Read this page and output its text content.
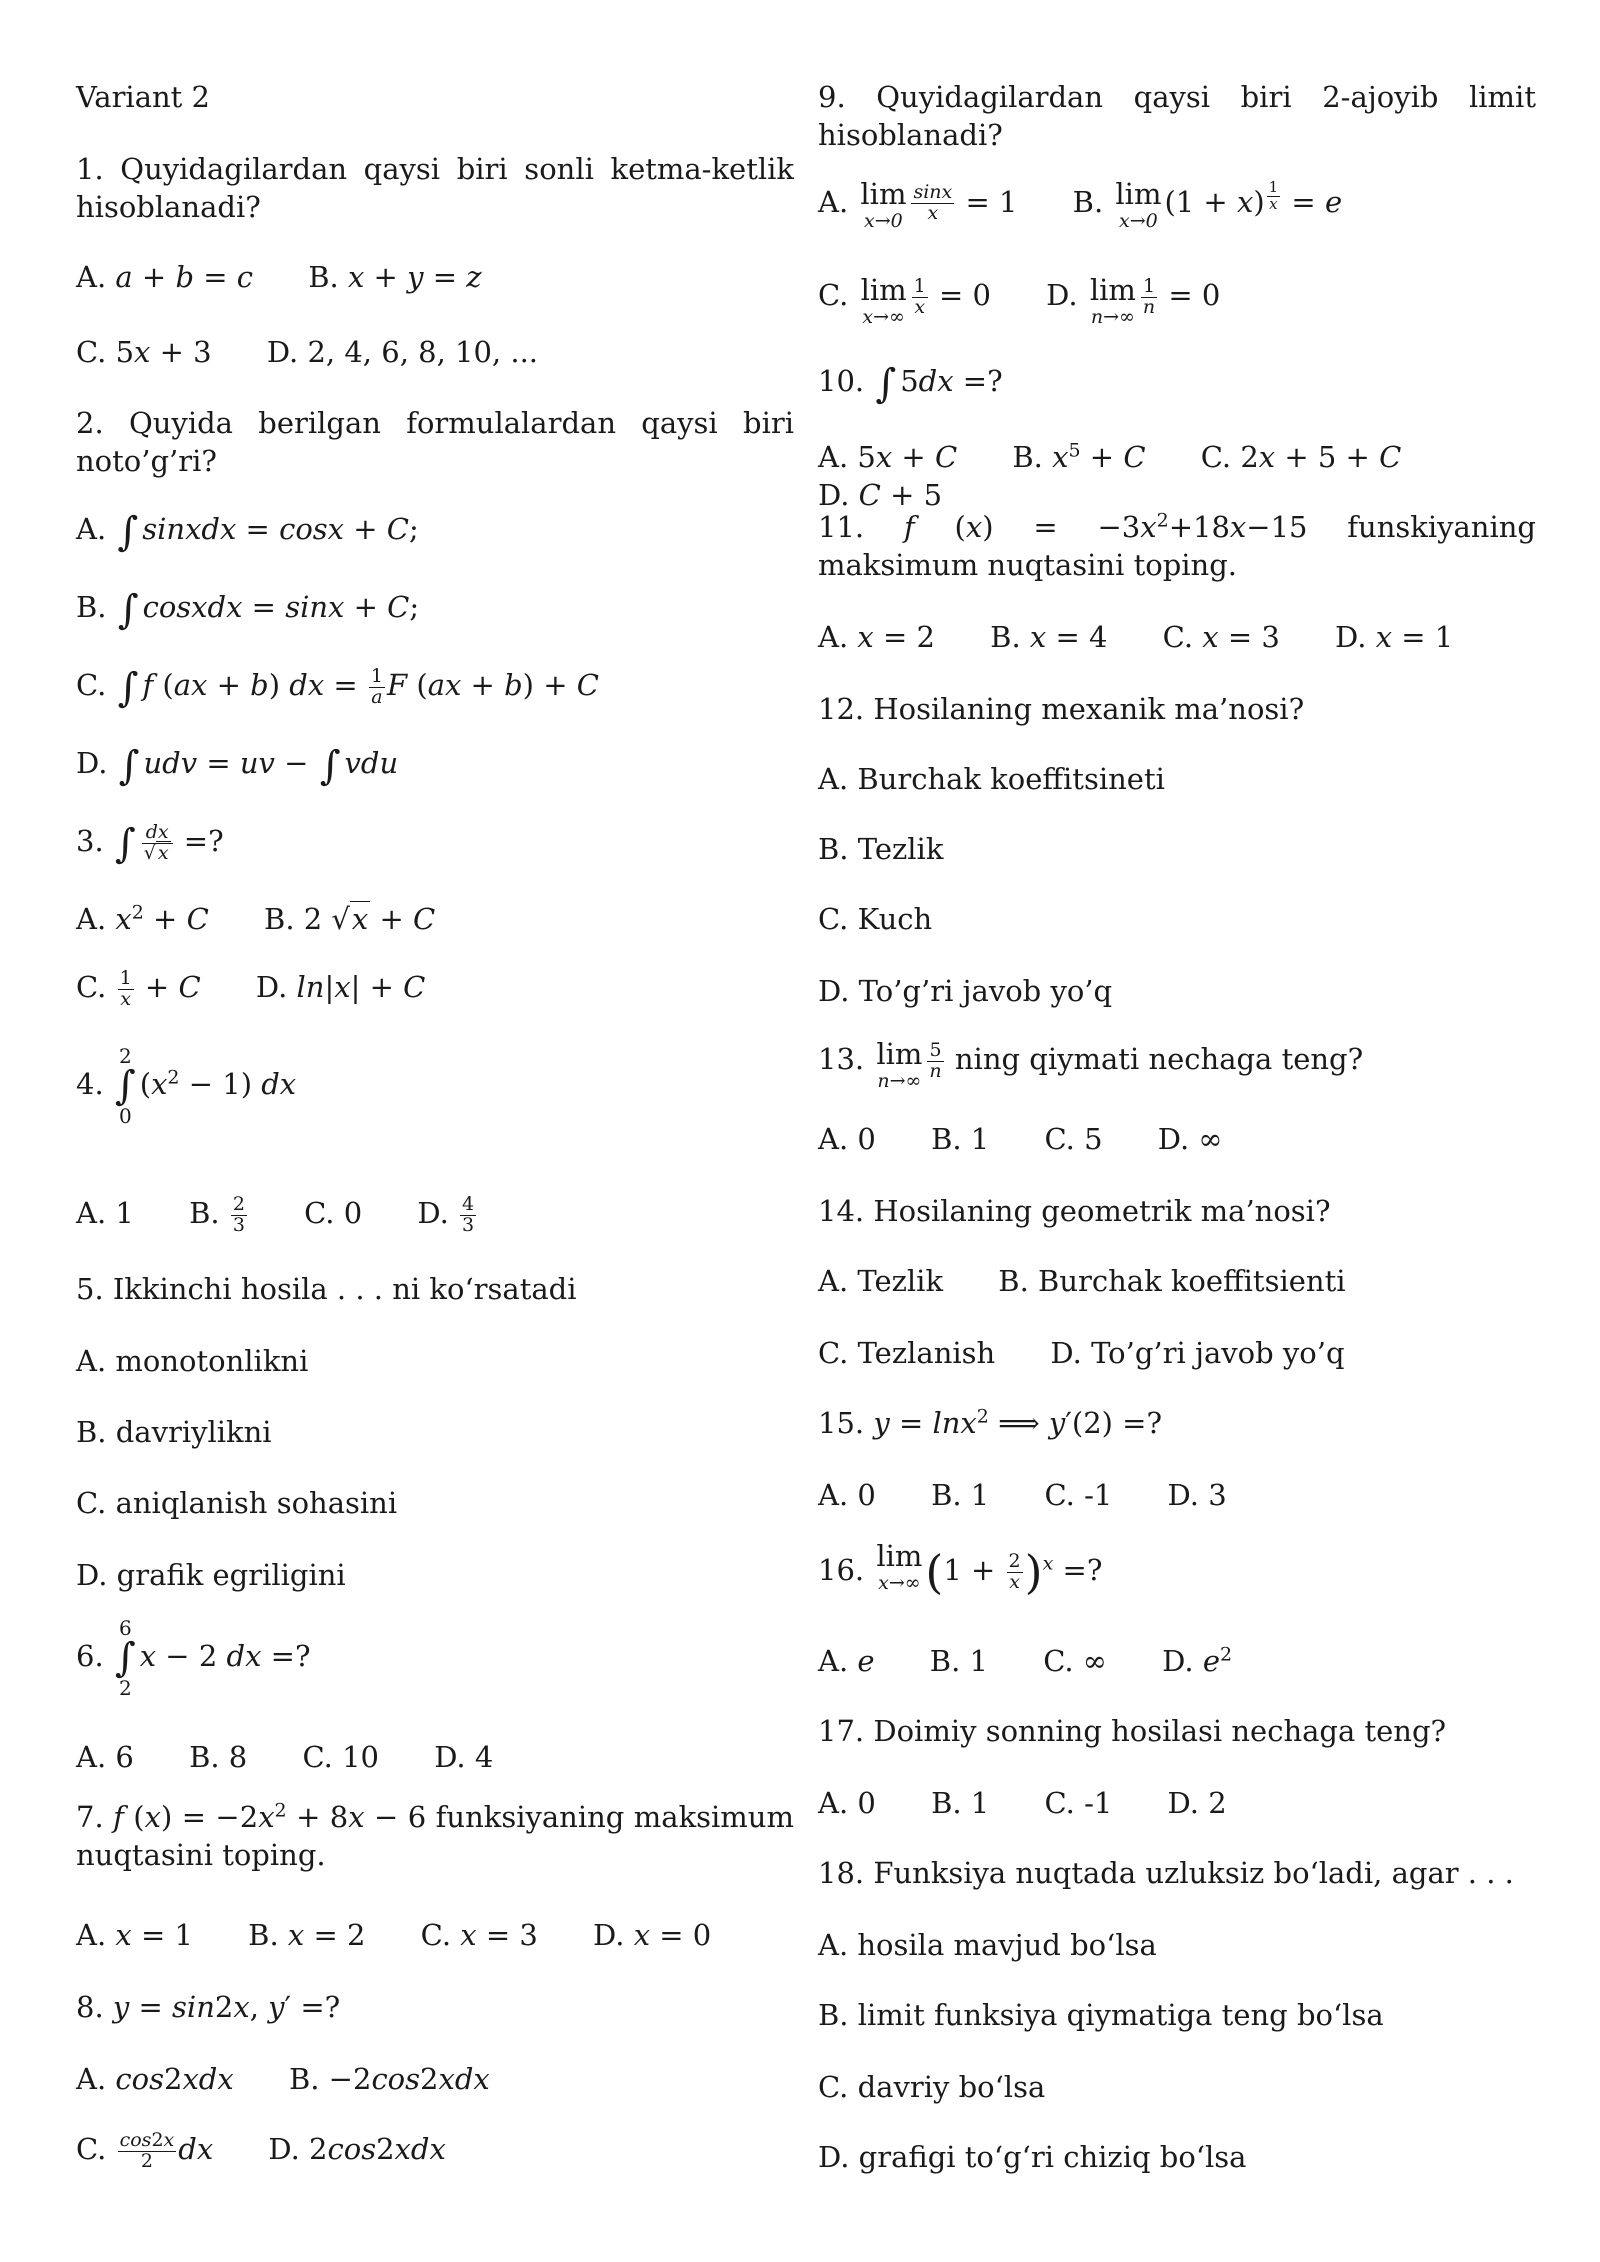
Variant 2
1. Quyidagilardan qaysi biri sonli ketma-ketlik hisoblanadi?
A. a + b = c B. x + y = z
C. 5x + 3 D. 2, 4, 6, 8, 10, ...
2. Quyida berilgan formulalardan qaysi biri noto’g’ri?
A. ∫ sinxdx = cosx + C;
B. ∫ cosxdx = sinx + C;
C. ∫ f (ax + b) dx = $\frac{1}{a}$ F (ax + b) + C
D. ∫ udv = uv − ∫ vdu
3. ∫ $\frac{dx}{√ x}$ =?
A. $x^2 + C$ B. 2 √x + C
C. $\frac{1}{x} + C$ D. ln|x| + C
4.
2
∫
0
$(x^2 - 1)$ dx
A. 1 B. $\frac{2}{3} C$. 0 D. $\frac{4}{3}$
5. Ikkinchi hosila . . . ni ko‘rsatadi
A. monotonlikni
B. davriylikni
C. aniqlanish sohasini
D. grafik egriligini
6.
6
∫
2
x − 2 dx =?
A. 6 B. 8 C. 10 D. 4
7. f $(x) = -2x^2 + 8x - 6$ funksiyaning maksimum nuqtasini toping.
A. x = 1 B. x = 2 C. x = 3 D. x = 0
8. y = sin2x, y′ =?
A. cos2xdx B. −2cos2xdx
C. $\frac{\cos 2x}{2}$ dx D. 2cos2xdx
9. Quyidagilardan qaysi biri 2-ajoyib limit hisoblanadi?
A. lim
$x\to 0 \frac{\sin x}{x} = 1$ B. lim
x→0
(1 + x) $^{\frac{1}{x}}$ = e
C. lim
$x\to\infty \frac{1}{x} = 0$ D. lim
$n\to\infty \frac{1}{n} = 0$
10. ∫ 5dx =?
A. 5x + C B. $x^5 + C$ C. 2x + 5 + C D. C + 5
11. f $(x) = -3x^2+18x-15$ funskiyaning maksimum nuqtasini toping.
A. x = 2 B. x = 4 C. x = 3 D. x = 1
12. Hosilaning mexanik ma’nosi?
A. Burchak koeffitsineti
B. Tezlik
C. Kuch
D. To’g’ri javob yo’q
13. lim
$n\to\infty \frac{5}{n}$ ning qiymati nechaga teng?
A. 0 B. 1 C. 5 D. ∞
14. Hosilaning geometrik ma’nosi?
A. Tezlik B. Burchak koeffitsienti
C. Tezlanish D. To’g’ri javob yo’q
15. y = lnx$^2$ ⟹ y′(2) =?
A. 0 B. 1 C. -1 D. 3
16. lim
x→∞ $(1 + \frac{2}{x} )^x$ =?
A. e B. 1 C. ∞ D. $e^2$
17. Doimiy sonning hosilasi nechaga teng?
A. 0 B. 1 C. -1 D. 2
18. Funksiya nuqtada uzluksiz bo‘ladi, agar . . .
A. hosila mavjud bo‘lsa
B. limit funksiya qiymatiga teng bo‘lsa
C. davriy bo‘lsa
D. grafigi to‘g‘ri chiziq bo‘lsa
